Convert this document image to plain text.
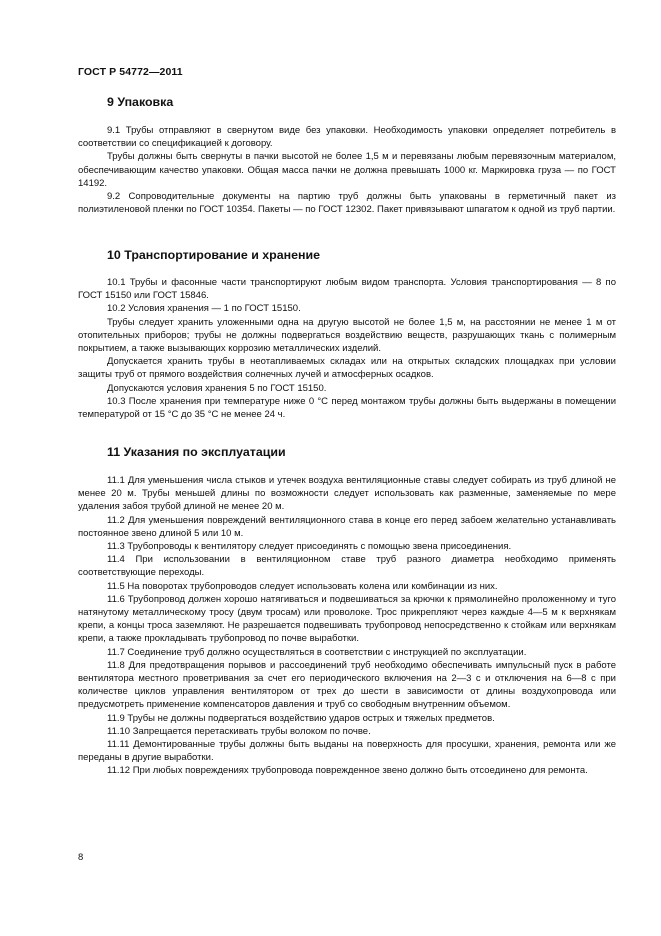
ГОСТ Р 54772—2011
9 Упаковка

9.1 Трубы отправляют в свернутом виде без упаковки. Необходимость упаковки определяет потребитель в соответствии со спецификацией к договору.

Трубы должны быть свернуты в пачки высотой не более 1,5 м и перевязаны любым перевязочным материалом, обеспечивающим качество упаковки. Общая масса пачки не должна превышать 1000 кг. Маркировка груза — по ГОСТ 14192.

9.2 Сопроводительные документы на партию труб должны быть упакованы в герметичный пакет из полиэтиленовой пленки по ГОСТ 10354. Пакеты — по ГОСТ 12302. Пакет привязывают шпагатом к одной из труб партии.

10 Транспортирование и хранение

10.1 Трубы и фасонные части транспортируют любым видом транспорта. Условия транспортирования — 8 по ГОСТ 15150 или ГОСТ 15846.

10.2 Условия хранения — 1 по ГОСТ 15150.

Трубы следует хранить уложенными одна на другую высотой не более 1,5 м, на расстоянии не менее 1 м от отопительных приборов; трубы не должны подвергаться воздействию веществ, разрушающих ткань с полимерным покрытием, а также вызывающих коррозию металлических изделий.

Допускается хранить трубы в неотапливаемых складах или на открытых складских площадках при условии защиты труб от прямого воздействия солнечных лучей и атмосферных осадков.

Допускаются условия хранения 5 по ГОСТ 15150.

10.3 После хранения при температуре ниже 0 °С перед монтажом трубы должны быть выдержаны в помещении температурой от 15 °С до 35 °С не менее 24 ч.

11 Указания по эксплуатации

11.1 Для уменьшения числа стыков и утечек воздуха вентиляционные ставы следует собирать из труб длиной не менее 20 м. Трубы меньшей длины по возможности следует использовать как разменные, заменяемые по мере удаления забоя трубой длиной не менее 20 м.

11.2 Для уменьшения повреждений вентиляционного става в конце его перед забоем желательно устанавливать постоянное звено длиной 5 или 10 м.

11.3 Трубопроводы к вентилятору следует присоединять с помощью звена присоединения.

11.4 При использовании в вентиляционном ставе труб разного диаметра необходимо применять соответствующие переходы.

11.5 На поворотах трубопроводов следует использовать колена или комбинации из них.

11.6 Трубопровод должен хорошо натягиваться и подвешиваться за крючки к прямолинейно проложенному и туго натянутому металлическому тросу (двум тросам) или проволоке. Трос прикрепляют через каждые 4—5 м к верхнякам крепи, а концы троса заземляют. Не разрешается подвешивать трубопровод непосредственно к стойкам или верхнякам крепи, а также прокладывать трубопровод по почве выработки.

11.7 Соединение труб должно осуществляться в соответствии с инструкцией по эксплуатации.

11.8 Для предотвращения порывов и рассоединений труб необходимо обеспечивать импульсный пуск в работе вентилятора местного проветривания за счет его периодического включения на 2—3 с и отключения на 6—8 с при количестве циклов управления вентилятором от трех до шести в зависимости от длины воздухопровода или предусмотреть применение компенсаторов давления и труб со свободным внутренним объемом.

11.9 Трубы не должны подвергаться воздействию ударов острых и тяжелых предметов.

11.10 Запрещается перетаскивать трубы волоком по почве.

11.11 Демонтированные трубы должны быть выданы на поверхность для просушки, хранения, ремонта или же переданы в другие выработки.

11.12 При любых повреждениях трубопровода поврежденное звено должно быть отсоединено для ремонта.

8
